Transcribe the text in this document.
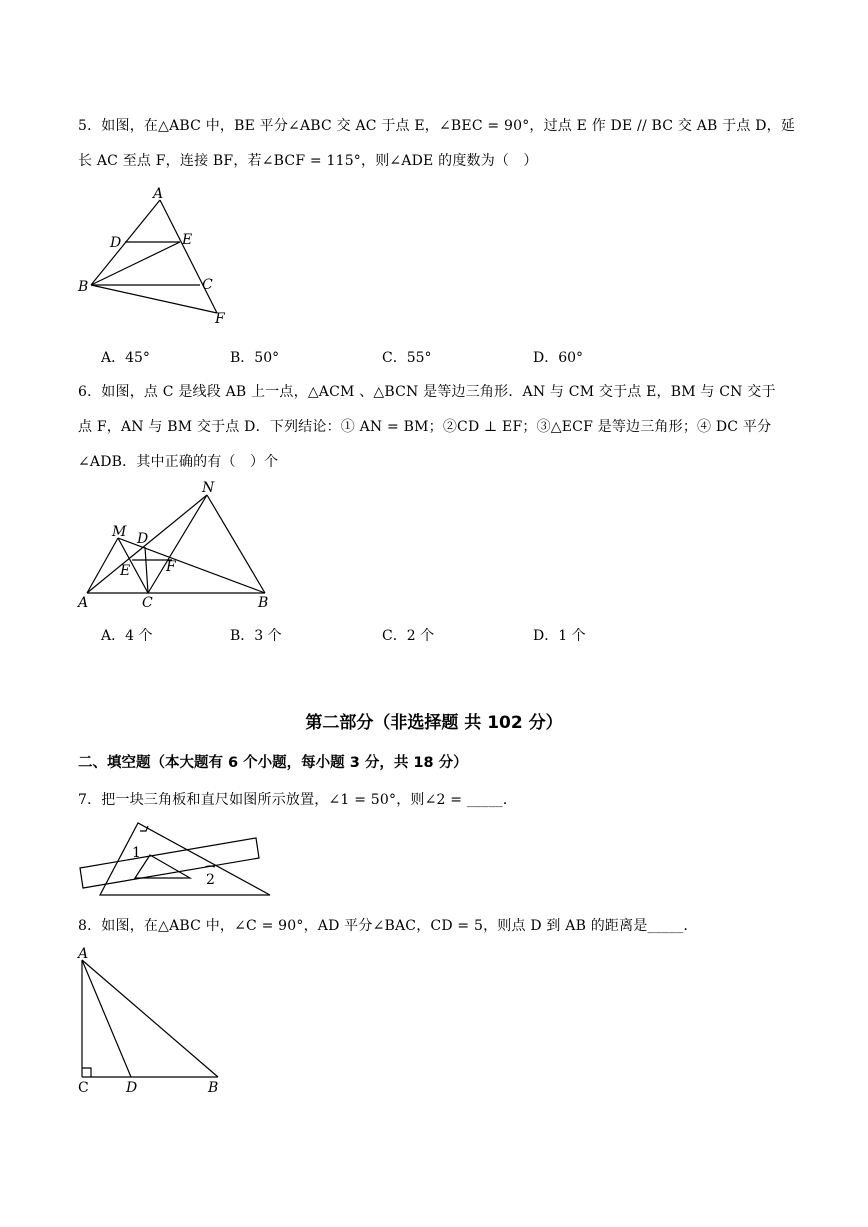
5．如图，在△ABC 中，BE 平分∠ABC 交 AC 于点 E，∠BEC = 90°，过点 E 作 DE // BC 交 AB 于点 D，延
长 AC 至点 F，连接 BF，若∠BCF = 115°，则∠ADE 的度数为（　）
A
D	E
B	C
F
A．45°	B．50°	C．55°	D．60°
6．如图，点 C 是线段 AB 上一点，△ACM 、△BCN 是等边三角形．AN 与 CM 交于点 E，BM 与 CN 交于
点 F，AN 与 BM 交于点 D．下列结论：① AN = BM；②CD ⊥ EF；③△ECF 是等边三角形；④ DC 平分
∠ADB．其中正确的有（　）个
N
M D
E	F
A	C	B
A．4 个	B．3 个	C．2 个	D．1 个
第二部分（非选择题 共 102 分）
二、填空题（本大题有 6 个小题，每小题 3 分，共 18 分）
7．把一块三角板和直尺如图所示放置，∠1 = 50°，则∠2 = _____．
1
2
8．如图，在△ABC 中，∠C = 90°，AD 平分∠BAC，CD = 5，则点 D 到 AB 的距离是_____．
A
C	D	B
